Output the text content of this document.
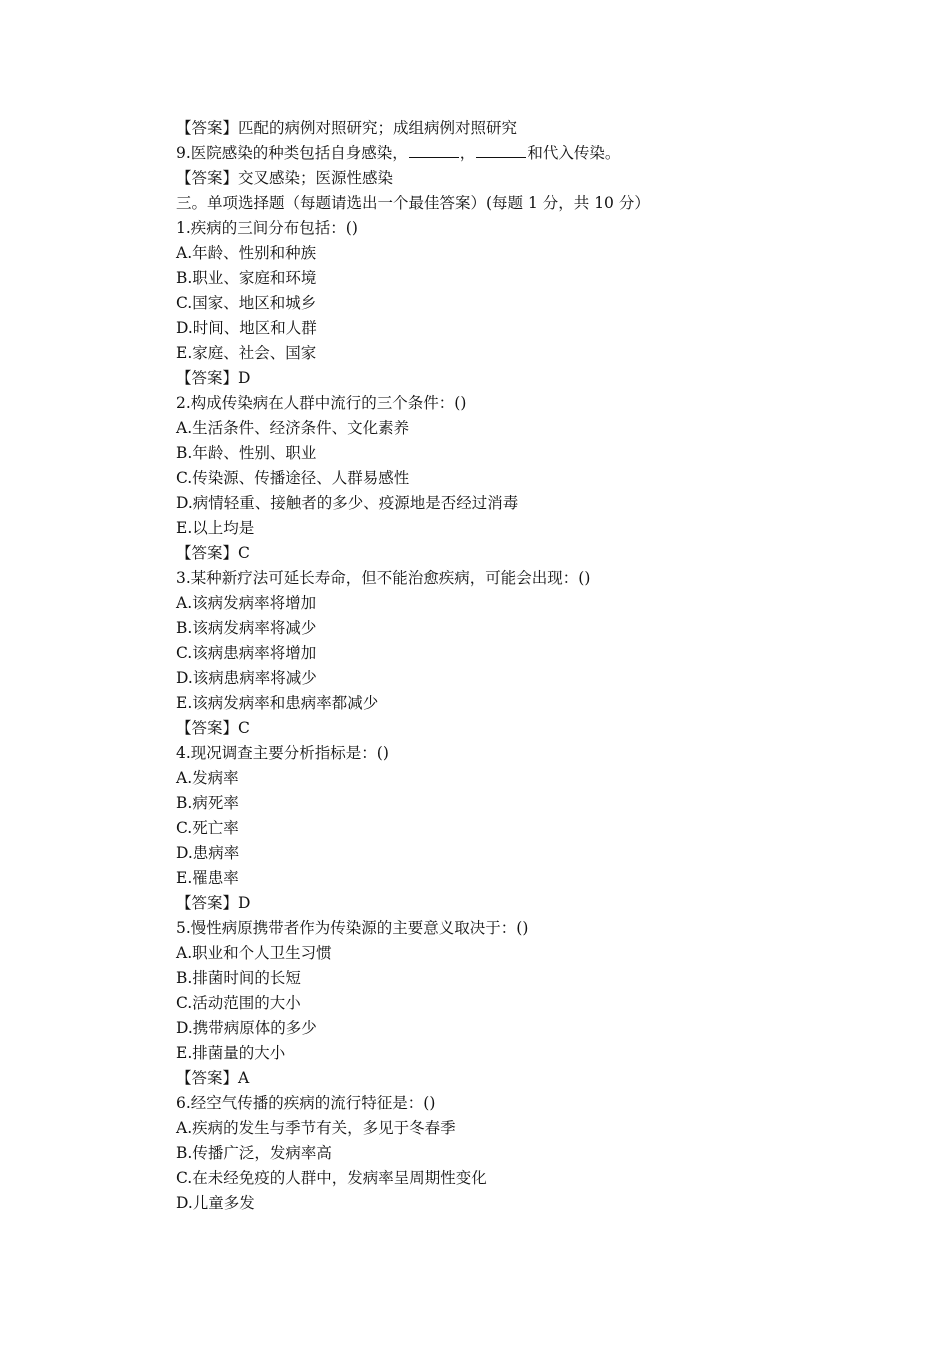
【答案】匹配的病例对照研究；成组病例对照研究
9.医院感染的种类包括自身感染，	，	和代入传染。
【答案】交叉感染；医源性感染
三。单项选择题（每题请选出一个最佳答案）(每题 1 分，共 10 分）
1.疾病的三间分布包括：()
A.年龄、性别和种族
B.职业、家庭和环境
C.国家、地区和城乡
D.时间、地区和人群
E.家庭、社会、国家
【答案】D
2.构成传染病在人群中流行的三个条件：()
A.生活条件、经济条件、文化素养
B.年龄、性别、职业
C.传染源、传播途径、人群易感性
D.病情轻重、接触者的多少、疫源地是否经过消毒
E.以上均是
【答案】C
3.某种新疗法可延长寿命，但不能治愈疾病，可能会出现：()
A.该病发病率将增加
B.该病发病率将减少
C.该病患病率将增加
D.该病患病率将减少
E.该病发病率和患病率都减少
【答案】C
4.现况调查主要分析指标是：()
A.发病率
B.病死率
C.死亡率
D.患病率
E.罹患率
【答案】D
5.慢性病原携带者作为传染源的主要意义取决于：()
A.职业和个人卫生习惯
B.排菌时间的长短
C.活动范围的大小
D.携带病原体的多少
E.排菌量的大小
【答案】A
6.经空气传播的疾病的流行特征是：()
A.疾病的发生与季节有关，多见于冬春季
B.传播广泛，发病率高
C.在未经免疫的人群中，发病率呈周期性变化
D.儿童多发
